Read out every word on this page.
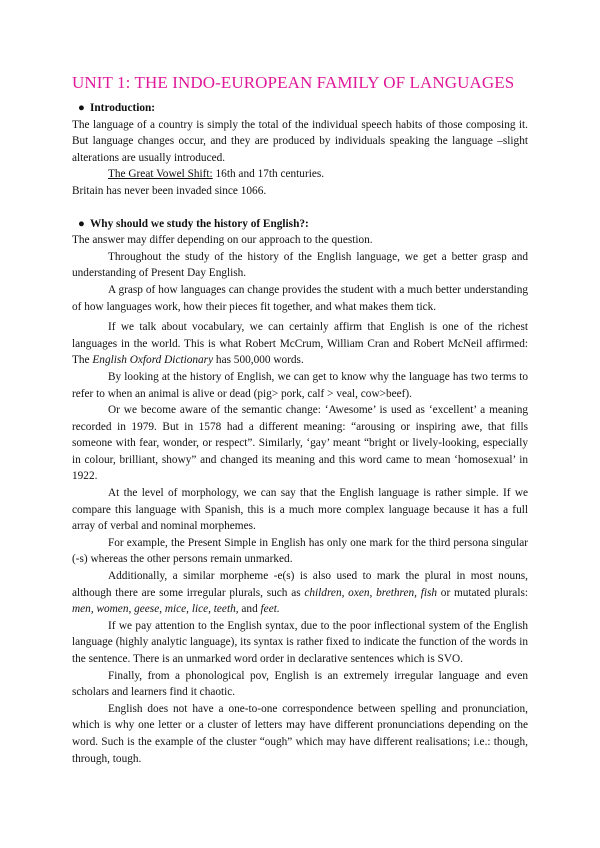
UNIT 1: THE INDO-EUROPEAN FAMILY OF LANGUAGES
● Introduction:

The language of a country is simply the total of the individual speech habits of those composing it. But language changes occur, and they are produced by individuals speaking the language –slight alterations are usually introduced.

The Great Vowel Shift: 16th and 17th centuries.

Britain has never been invaded since 1066.

● Why should we study the history of English?:

The answer may differ depending on our approach to the question.

Throughout the study of the history of the English language, we get a better grasp and understanding of Present Day English.

A grasp of how languages can change provides the student with a much better understanding of how languages work, how their pieces fit together, and what makes them tick.

If we talk about vocabulary, we can certainly affirm that English is one of the richest languages in the world. This is what Robert McCrum, William Cran and Robert McNeil affirmed: The English Oxford Dictionary has 500,000 words.

By looking at the history of English, we can get to know why the language has two terms to refer to when an animal is alive or dead (pig> pork, calf > veal, cow>beef).

Or we become aware of the semantic change: ‘Awesome’ is used as ‘excellent’ a meaning recorded in 1979. But in 1578 had a different meaning: “arousing or inspiring awe, that fills someone with fear, wonder, or respect”. Similarly, ‘gay’ meant “bright or lively-looking, especially in colour, brilliant, showy” and changed its meaning and this word came to mean ‘homosexual’ in 1922.

At the level of morphology, we can say that the English language is rather simple. If we compare this language with Spanish, this is a much more complex language because it has a full array of verbal and nominal morphemes.

For example, the Present Simple in English has only one mark for the third persona singular (-s) whereas the other persons remain unmarked.

Additionally, a similar morpheme -e(s) is also used to mark the plural in most nouns, although there are some irregular plurals, such as children, oxen, brethren, fish or mutated plurals: men, women, geese, mice, lice, teeth, and feet.

If we pay attention to the English syntax, due to the poor inflectional system of the English language (highly analytic language), its syntax is rather fixed to indicate the function of the words in the sentence. There is an unmarked word order in declarative sentences which is SVO.

Finally, from a phonological pov, English is an extremely irregular language and even scholars and learners find it chaotic.

English does not have a one-to-one correspondence between spelling and pronunciation, which is why one letter or a cluster of letters may have different pronunciations depending on the word. Such is the example of the cluster “ough” which may have different realisations; i.e.: though, through, tough.
